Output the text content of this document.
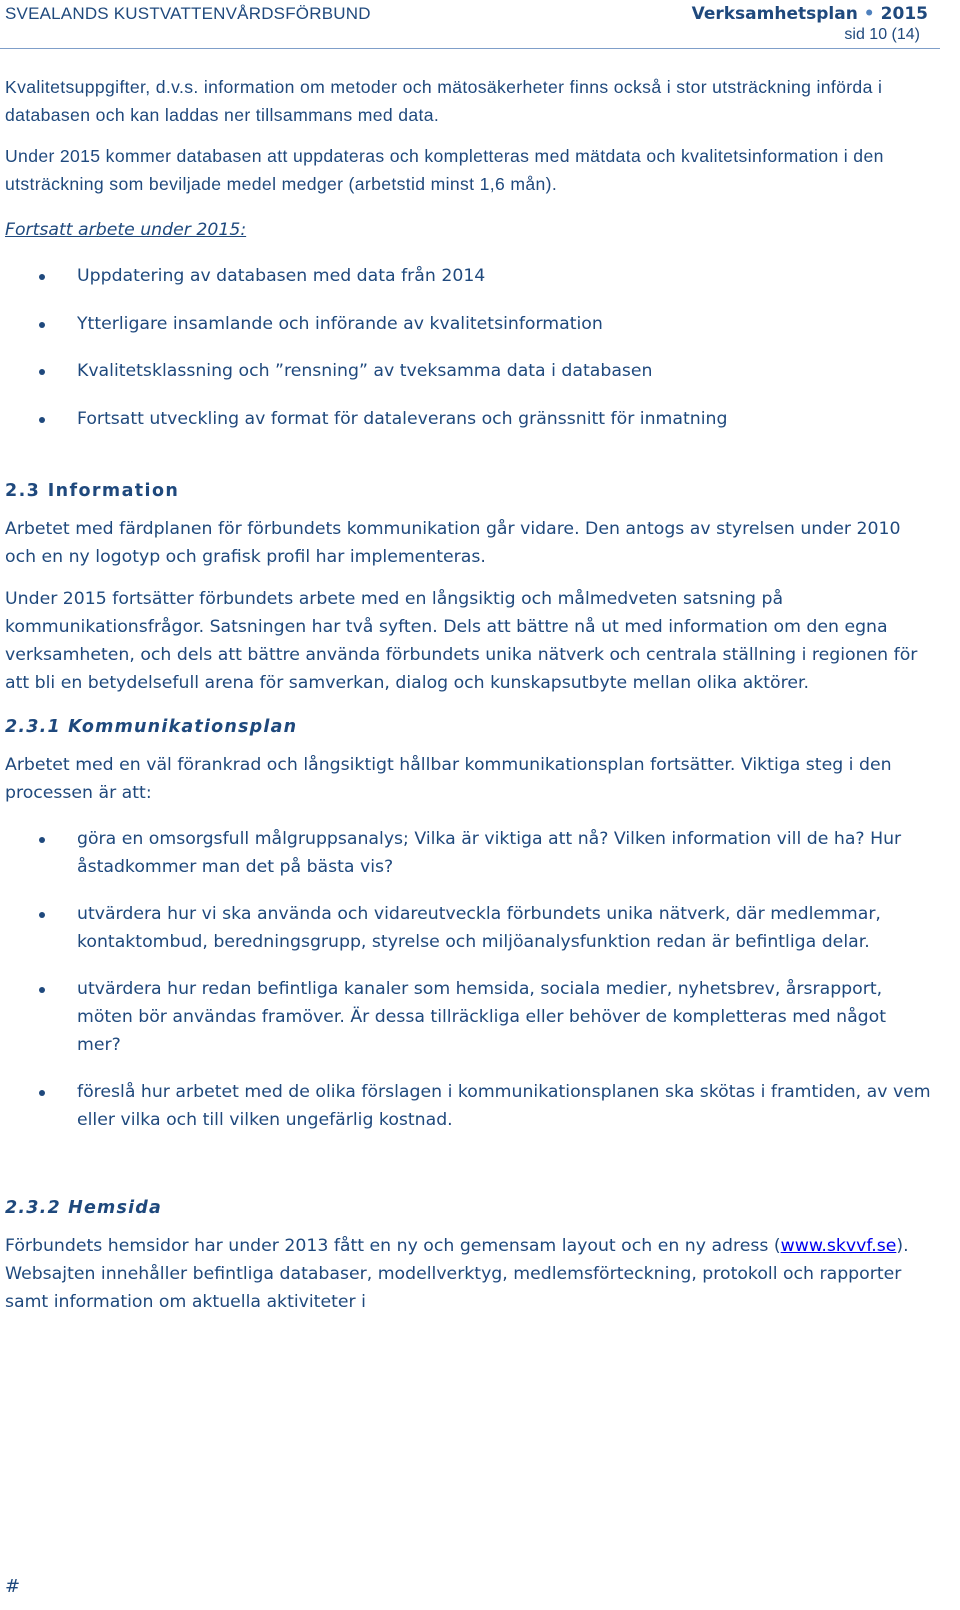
SVEALANDS KUSTVATTENVÅRDSFÖRBUND	Verksamhetsplan • 2015
sid 10 (14)

Kvalitetsuppgifter, d.v.s. information om metoder och mätosäkerheter finns också i stor utsträckning införda i databasen och kan laddas ner tillsammans med data.

Under 2015 kommer databasen att uppdateras och kompletteras med mätdata och kvalitetsinformation i den utsträckning som beviljade medel medger (arbetstid minst 1,6 mån).

Fortsatt arbete under 2015:
Uppdatering av databasen med data från 2014
Ytterligare insamlande och införande av kvalitetsinformation
Kvalitetsklassning och ”rensning” av tveksamma data i databasen
Fortsatt utveckling av format för dataleverans och gränssnitt för inmatning
2.3 Information

Arbetet med färdplanen för förbundets kommunikation går vidare. Den antogs av styrelsen under 2010 och en ny logotyp och grafisk profil har implementeras.

Under 2015 fortsätter förbundets arbete med en långsiktig och målmedveten satsning på kommunikationsfrågor. Satsningen har två syften. Dels att bättre nå ut med information om den egna verksamheten, och dels att bättre använda förbundets unika nätverk och centrala ställning i regionen för att bli en betydelsefull arena för samverkan, dialog och kunskapsutbyte mellan olika aktörer.

2.3.1 Kommunikationsplan

Arbetet med en väl förankrad och långsiktigt hållbar kommunikationsplan fortsätter. Viktiga steg i den processen är att:

göra en omsorgsfull målgruppsanalys; Vilka är viktiga att nå? Vilken information vill de ha? Hur åstadkommer man det på bästa vis?
utvärdera hur vi ska använda och vidareutveckla förbundets unika nätverk, där medlemmar, kontaktombud, beredningsgrupp, styrelse och miljöanalysfunktion redan är befintliga delar.
utvärdera hur redan befintliga kanaler som hemsida, sociala medier, nyhetsbrev, årsrapport, möten bör användas framöver. Är dessa tillräckliga eller behöver de kompletteras med något mer?
föreslå hur arbetet med de olika förslagen i kommunikationsplanen ska skötas i framtiden, av vem eller vilka och till vilken ungefärlig kostnad.
2.3.2 Hemsida

Förbundets hemsidor har under 2013 fått en ny och gemensam layout och en ny adress (www.skvvf.se). Websajten innehåller befintliga databaser, modellverktyg, medlemsförteckning, protokoll och rapporter samt information om aktuella aktiviteter i

#
